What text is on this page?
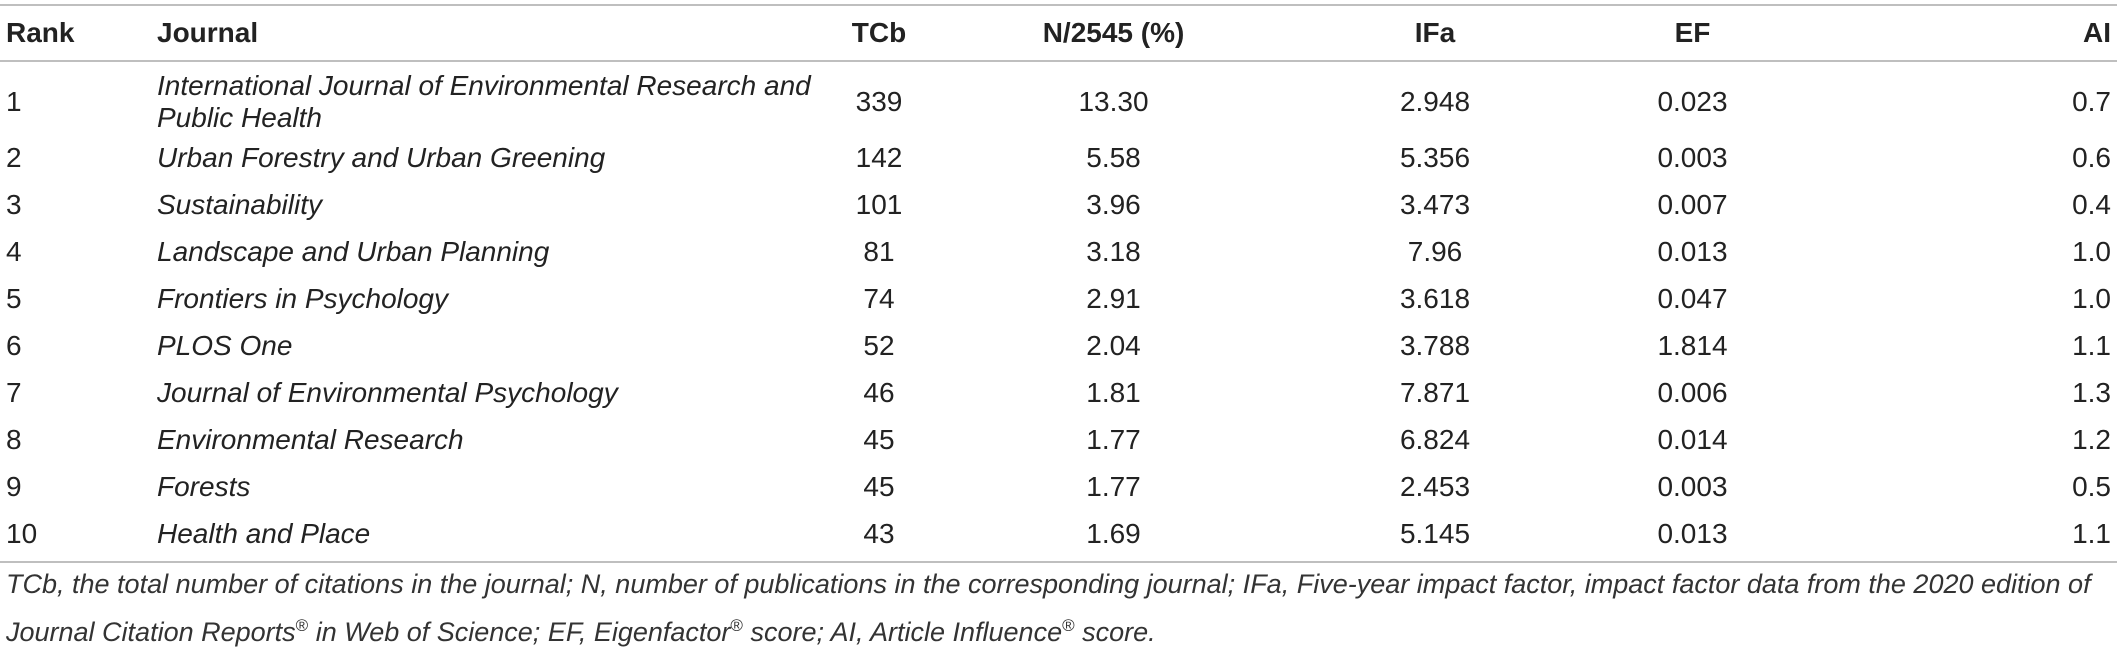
Rank	Journal	TCb	N/2545 (%)	IFa	EF	AI
1	International Journal of Environmental Research and Public Health	339	13.30	2.948	0.023	0.7
2	Urban Forestry and Urban Greening	142	5.58	5.356	0.003	0.6
3	Sustainability	101	3.96	3.473	0.007	0.4
4	Landscape and Urban Planning	81	3.18	7.96	0.013	1.0
5	Frontiers in Psychology	74	2.91	3.618	0.047	1.0
6	PLOS One	52	2.04	3.788	1.814	1.1
7	Journal of Environmental Psychology	46	1.81	7.871	0.006	1.3
8	Environmental Research	45	1.77	6.824	0.014	1.2
9	Forests	45	1.77	2.453	0.003	0.5
10	Health and Place	43	1.69	5.145	0.013	1.1
TCb, the total number of citations in the journal; N, number of publications in the corresponding journal; IFa, Five-year impact factor, impact factor data from the 2020 edition of Journal Citation Reports® in Web of Science; EF, Eigenfactor® score; AI, Article Influence® score.
